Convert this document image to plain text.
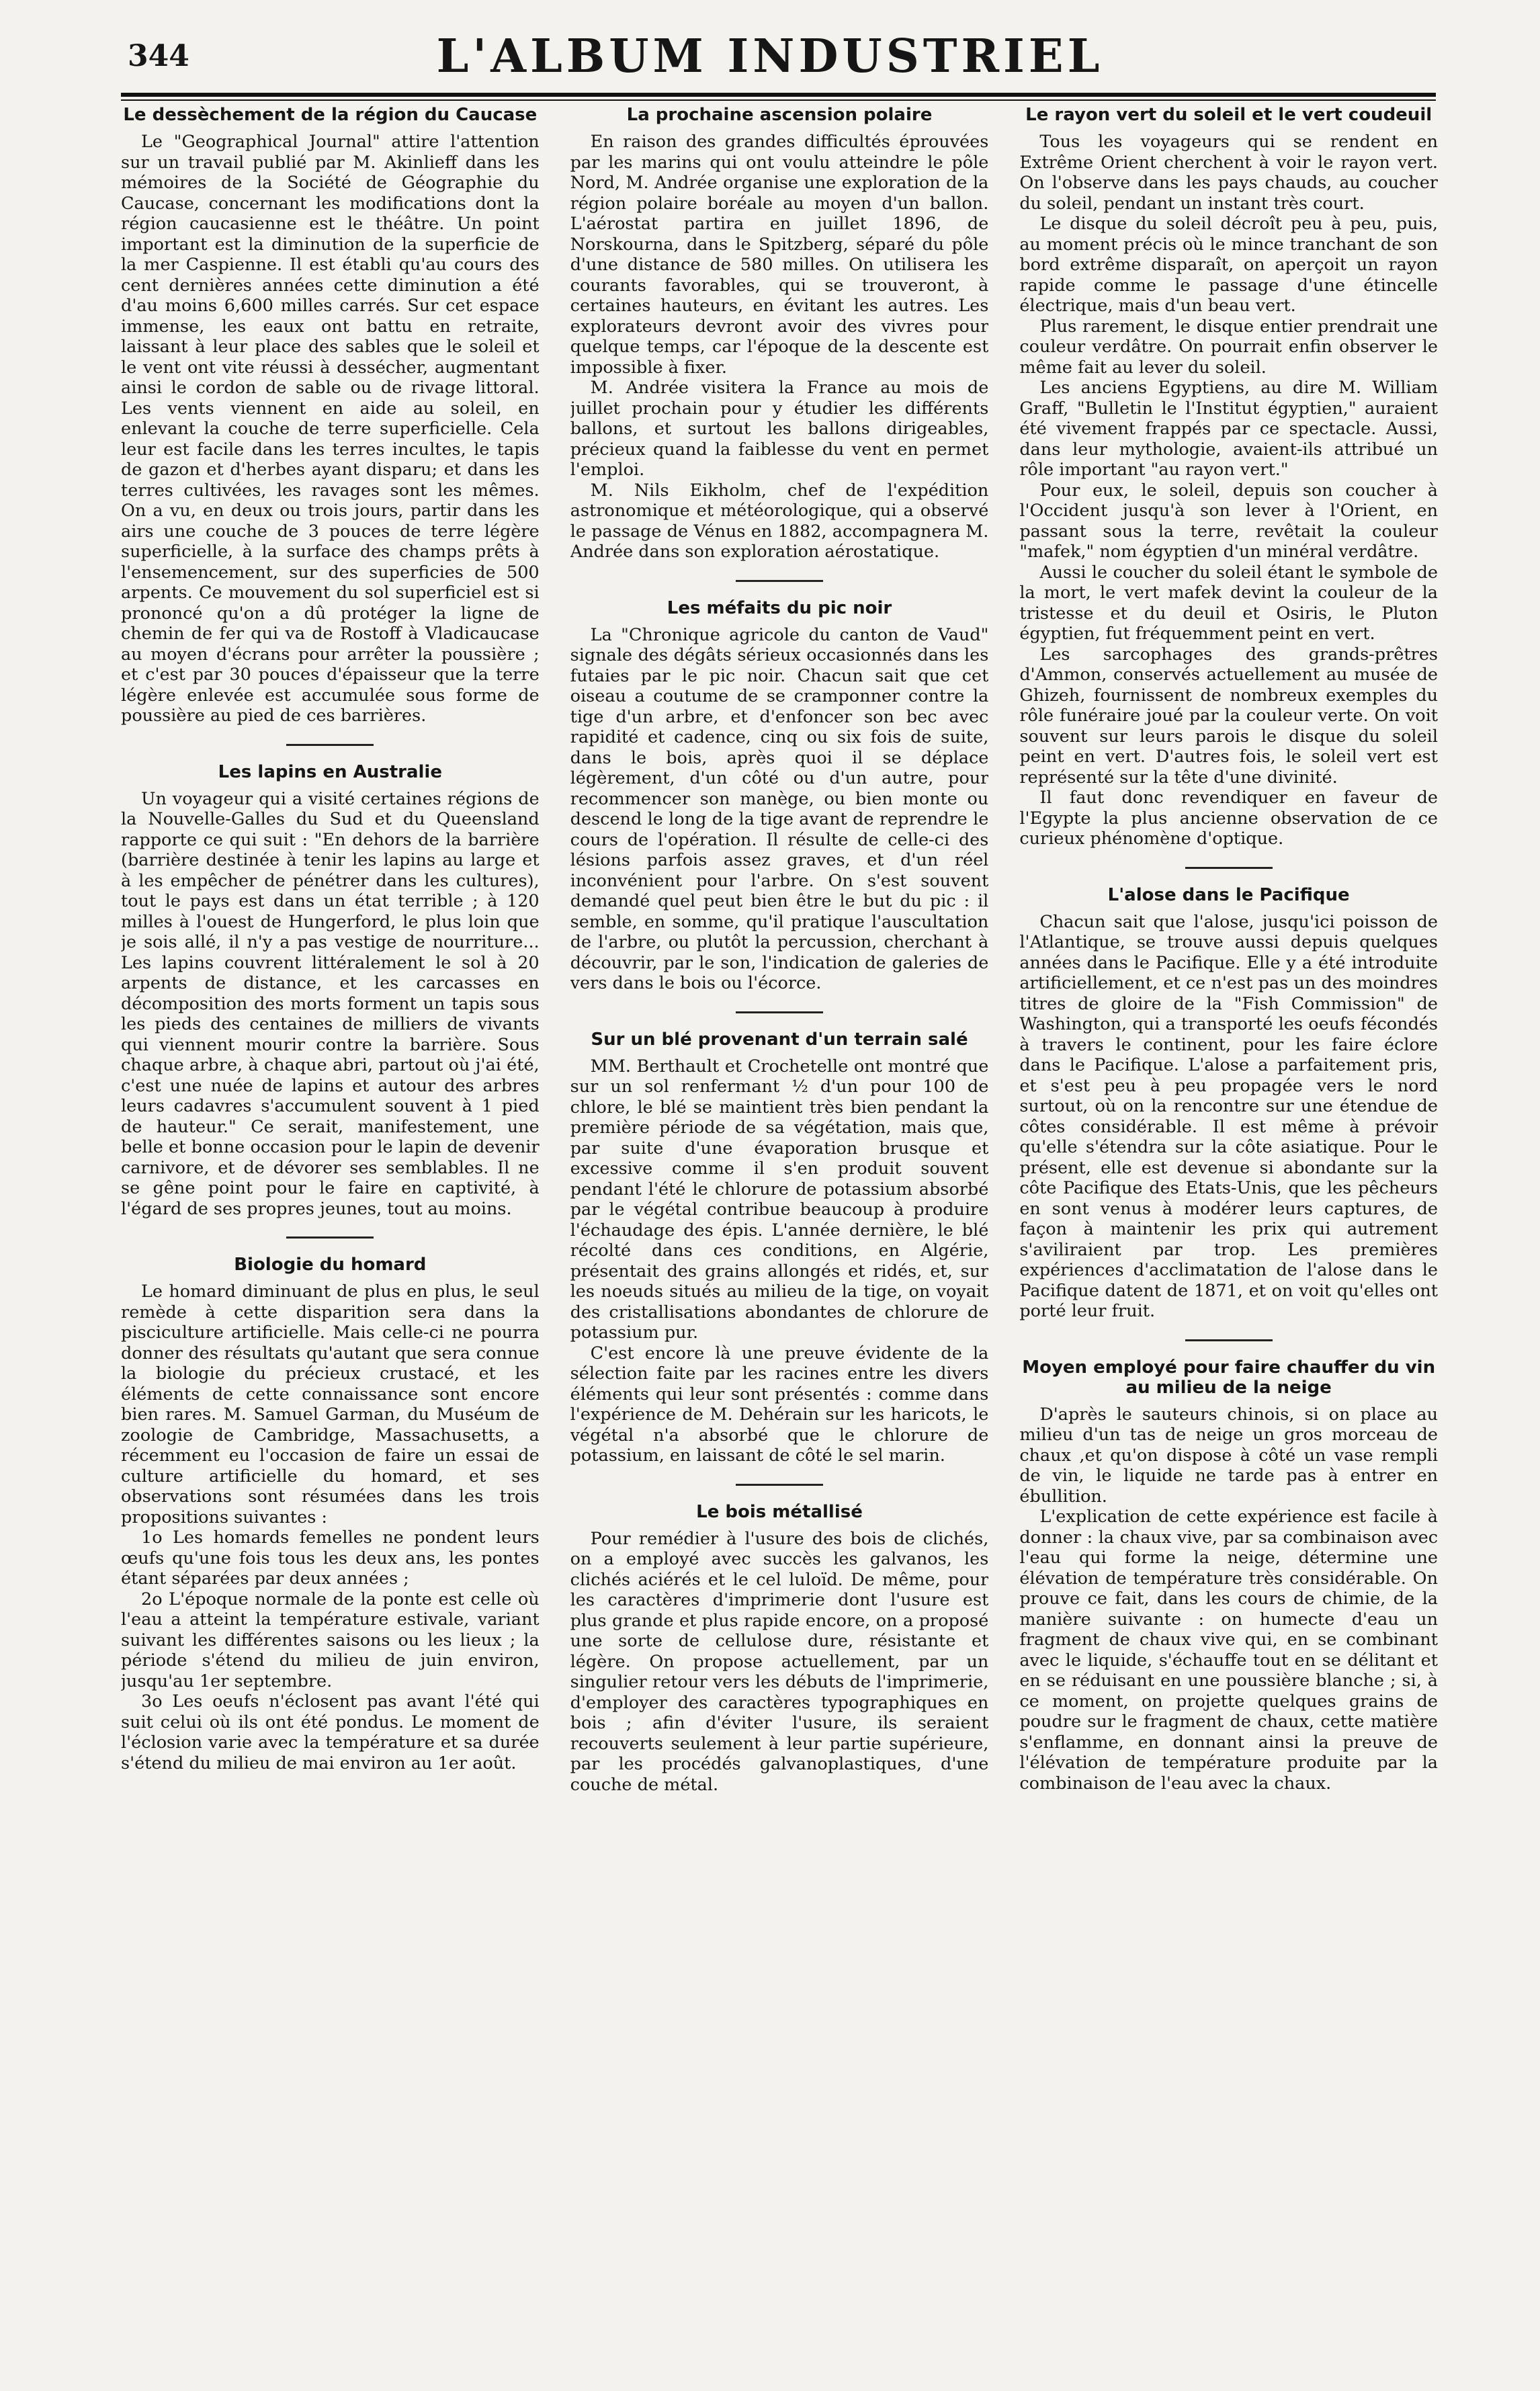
344	L'ALBUM INDUSTRIEL
Le dessèchement de la région du Caucase

Le "Geographical Journal" attire l'attention sur un travail publié par M. Akinlieff dans les mémoires de la Société de Géographie du Caucase, concernant les modifications dont la région caucasienne est le théâtre. Un point important est la diminution de la superficie de la mer Caspienne. Il est établi qu'au cours des cent dernières années cette diminution a été d'au moins 6,600 milles carrés. Sur cet espace immense, les eaux ont battu en retraite, laissant à leur place des sables que le soleil et le vent ont vite réussi à dessécher, augmentant ainsi le cordon de sable ou de rivage littoral. Les vents viennent en aide au soleil, en enlevant la couche de terre superficielle. Cela leur est facile dans les terres incultes, le tapis de gazon et d'herbes ayant disparu; et dans les terres cultivées, les ravages sont les mêmes. On a vu, en deux ou trois jours, partir dans les airs une couche de 3 pouces de terre légère superficielle, à la surface des champs prêts à l'ensemencement, sur des superficies de 500 arpents. Ce mouvement du sol superficiel est si prononcé qu'on a dû protéger la ligne de chemin de fer qui va de Rostoff à Vladicaucase au moyen d'écrans pour arrêter la poussière ; et c'est par 30 pouces d'épaisseur que la terre légère enlevée est accumulée sous forme de poussière au pied de ces barrières.

Les lapins en Australie

Un voyageur qui a visité certaines régions de la Nouvelle-Galles du Sud et du Queensland rapporte ce qui suit : "En dehors de la barrière (barrière destinée à tenir les lapins au large et à les empêcher de pénétrer dans les cultures), tout le pays est dans un état terrible ; à 120 milles à l'ouest de Hungerford, le plus loin que je sois allé, il n'y a pas vestige de nourriture... Les lapins couvrent littéralement le sol à 20 arpents de distance, et les carcasses en décomposition des morts forment un tapis sous les pieds des centaines de milliers de vivants qui viennent mourir contre la barrière. Sous chaque arbre, à chaque abri, partout où j'ai été, c'est une nuée de lapins et autour des arbres leurs cadavres s'accumulent souvent à 1 pied de hauteur." Ce serait, manifestement, une belle et bonne occasion pour le lapin de devenir carnivore, et de dévorer ses semblables. Il ne se gêne point pour le faire en captivité, à l'égard de ses propres jeunes, tout au moins.

Biologie du homard

Le homard diminuant de plus en plus, le seul remède à cette disparition sera dans la pisciculture artificielle. Mais celle-ci ne pourra donner des résultats qu'autant que sera connue la biologie du précieux crustacé, et les éléments de cette connaissance sont encore bien rares. M. Samuel Garman, du Muséum de zoologie de Cambridge, Massachusetts, a récemment eu l'occasion de faire un essai de culture artificielle du homard, et ses observations sont résumées dans les trois propositions suivantes :

1o Les homards femelles ne pondent leurs œufs qu'une fois tous les deux ans, les pontes étant séparées par deux années ;

2o L'époque normale de la ponte est celle où l'eau a atteint la température estivale, variant suivant les différentes saisons ou les lieux ; la période s'étend du milieu de juin environ, jusqu'au 1er septembre.

3o Les oeufs n'éclosent pas avant l'été qui suit celui où ils ont été pondus. Le moment de l'éclosion varie avec la température et sa durée s'étend du milieu de mai environ au 1er août.

La prochaine ascension polaire

En raison des grandes difficultés éprouvées par les marins qui ont voulu atteindre le pôle Nord, M. Andrée organise une exploration de la région polaire boréale au moyen d'un ballon. L'aérostat partira en juillet 1896, de Norskourna, dans le Spitzberg, séparé du pôle d'une distance de 580 milles. On utilisera les courants favorables, qui se trouveront, à certaines hauteurs, en évitant les autres. Les explorateurs devront avoir des vivres pour quelque temps, car l'époque de la descente est impossible à fixer.

M. Andrée visitera la France au mois de juillet prochain pour y étudier les différents ballons, et surtout les ballons dirigeables, précieux quand la faiblesse du vent en permet l'emploi.

M. Nils Eikholm, chef de l'expédition astronomique et météorologique, qui a observé le passage de Vénus en 1882, accompagnera M. Andrée dans son exploration aérostatique.

Les méfaits du pic noir

La "Chronique agricole du canton de Vaud" signale des dégâts sérieux occasionnés dans les futaies par le pic noir. Chacun sait que cet oiseau a coutume de se cramponner contre la tige d'un arbre, et d'enfoncer son bec avec rapidité et cadence, cinq ou six fois de suite, dans le bois, après quoi il se déplace légèrement, d'un côté ou d'un autre, pour recommencer son manège, ou bien monte ou descend le long de la tige avant de reprendre le cours de l'opération. Il résulte de celle-ci des lésions parfois assez graves, et d'un réel inconvénient pour l'arbre. On s'est souvent demandé quel peut bien être le but du pic : il semble, en somme, qu'il pratique l'auscultation de l'arbre, ou plutôt la percussion, cherchant à découvrir, par le son, l'indication de galeries de vers dans le bois ou l'écorce.

Sur un blé provenant d'un terrain salé

MM. Berthault et Crochetelle ont montré que sur un sol renfermant ½ d'un pour 100 de chlore, le blé se maintient très bien pendant la première période de sa végétation, mais que, par suite d'une évaporation brusque et excessive comme il s'en produit souvent pendant l'été le chlorure de potassium absorbé par le végétal contribue beaucoup à produire l'échaudage des épis. L'année dernière, le blé récolté dans ces conditions, en Algérie, présentait des grains allongés et ridés, et, sur les noeuds situés au milieu de la tige, on voyait des cristallisations abondantes de chlorure de potassium pur.

C'est encore là une preuve évidente de la sélection faite par les racines entre les divers éléments qui leur sont présentés : comme dans l'expérience de M. Dehérain sur les haricots, le végétal n'a absorbé que le chlorure de potassium, en laissant de côté le sel marin.

Le bois métallisé

Pour remédier à l'usure des bois de clichés, on a employé avec succès les galvanos, les clichés aciérés et le cel luloïd. De même, pour les caractères d'imprimerie dont l'usure est plus grande et plus rapide encore, on a proposé une sorte de cellulose dure, résistante et légère. On propose actuellement, par un singulier retour vers les débuts de l'imprimerie, d'employer des caractères typographiques en bois ; afin d'éviter l'usure, ils seraient recouverts seulement à leur partie supérieure, par les procédés galvanoplastiques, d'une couche de métal.

Le rayon vert du soleil et le vert coudeuil

Tous les voyageurs qui se rendent en Extrême Orient cherchent à voir le rayon vert. On l'observe dans les pays chauds, au coucher du soleil, pendant un instant très court.

Le disque du soleil décroît peu à peu, puis, au moment précis où le mince tranchant de son bord extrême disparaît, on aperçoit un rayon rapide comme le passage d'une étincelle électrique, mais d'un beau vert.

Plus rarement, le disque entier prendrait une couleur verdâtre. On pourrait enfin observer le même fait au lever du soleil.

Les anciens Egyptiens, au dire M. William Graff, "Bulletin le l'Institut égyptien," auraient été vivement frappés par ce spectacle. Aussi, dans leur mythologie, avaient-ils attribué un rôle important "au rayon vert."

Pour eux, le soleil, depuis son coucher à l'Occident jusqu'à son lever à l'Orient, en passant sous la terre, revêtait la couleur "mafek," nom égyptien d'un minéral verdâtre.

Aussi le coucher du soleil étant le symbole de la mort, le vert mafek devint la couleur de la tristesse et du deuil et Osiris, le Pluton égyptien, fut fréquemment peint en vert.

Les sarcophages des grands-prêtres d'Ammon, conservés actuellement au musée de Ghizeh, fournissent de nombreux exemples du rôle funéraire joué par la couleur verte. On voit souvent sur leurs parois le disque du soleil peint en vert. D'autres fois, le soleil vert est représenté sur la tête d'une divinité.

Il faut donc revendiquer en faveur de l'Egypte la plus ancienne observation de ce curieux phénomène d'optique.

L'alose dans le Pacifique

Chacun sait que l'alose, jusqu'ici poisson de l'Atlantique, se trouve aussi depuis quelques années dans le Pacifique. Elle y a été introduite artificiellement, et ce n'est pas un des moindres titres de gloire de la "Fish Commission" de Washington, qui a transporté les oeufs fécondés à travers le continent, pour les faire éclore dans le Pacifique. L'alose a parfaitement pris, et s'est peu à peu propagée vers le nord surtout, où on la rencontre sur une étendue de côtes considérable. Il est même à prévoir qu'elle s'étendra sur la côte asiatique. Pour le présent, elle est devenue si abondante sur la côte Pacifique des Etats-Unis, que les pêcheurs en sont venus à modérer leurs captures, de façon à maintenir les prix qui autrement s'aviliraient par trop. Les premières expériences d'acclimatation de l'alose dans le Pacifique datent de 1871, et on voit qu'elles ont porté leur fruit.

Moyen employé pour faire chauffer du vin au milieu de la neige

D'après le sauteurs chinois, si on place au milieu d'un tas de neige un gros morceau de chaux ,et qu'on dispose à côté un vase rempli de vin, le liquide ne tarde pas à entrer en ébullition.

L'explication de cette expérience est facile à donner : la chaux vive, par sa combinaison avec l'eau qui forme la neige, détermine une élévation de température très considérable. On prouve ce fait, dans les cours de chimie, de la manière suivante : on humecte d'eau un fragment de chaux vive qui, en se combinant avec le liquide, s'échauffe tout en se délitant et en se réduisant en une poussière blanche ; si, à ce moment, on projette quelques grains de poudre sur le fragment de chaux, cette matière s'enflamme, en donnant ainsi la preuve de l'élévation de température produite par la combinaison de l'eau avec la chaux.
